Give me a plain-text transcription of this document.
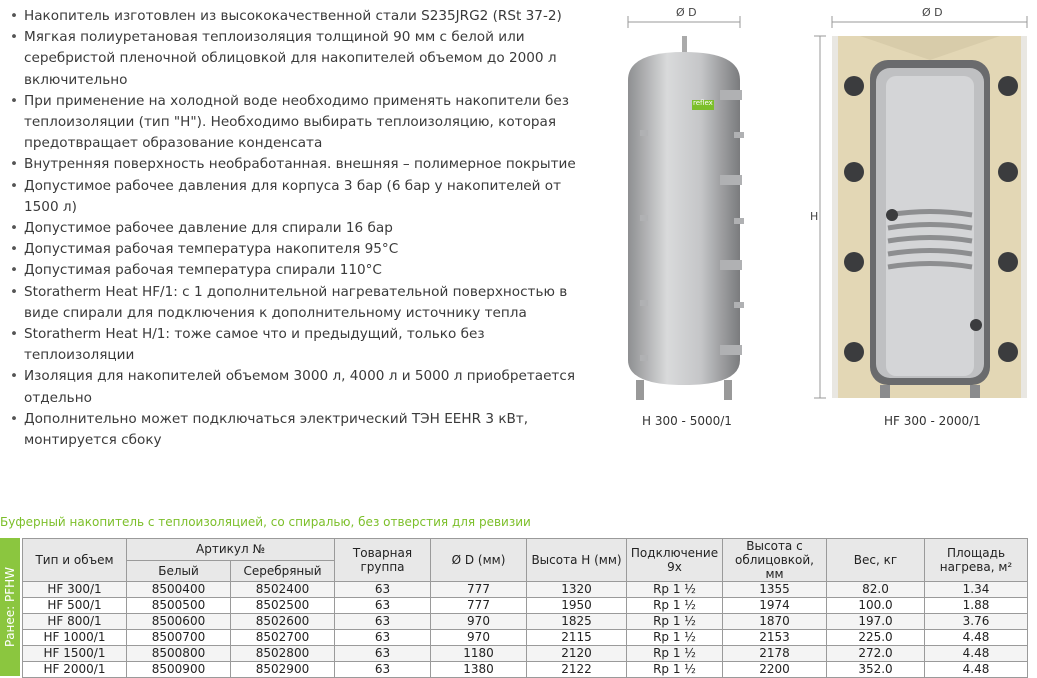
• Накопитель изготовлен из высококачественной стали S235JRG2 (RSt 37-2)
• Мягкая полиуретановая теплоизоляция толщиной 90 мм с белой или серебристой пленочной облицовкой для накопителей объемом до 2000 л включительно
• При применение на холодной воде необходимо применять накопители без теплоизоляции (тип "H"). Необходимо выбирать теплоизоляцию, которая предотвращает образование конденсата
• Внутренняя поверхность необработанная. внешняя – полимерное покрытие
• Допустимое рабочее давления для корпуса 3 бар (6 бар у накопителей от 1500 л)
• Допустимое рабочее давление для спирали 16 бар
• Допустимая рабочая температура накопителя 95°C
• Допустимая рабочая температура спирали 110°C
• Storatherm Heat HF/1: с 1 дополнительной нагревательной поверхностью в виде спирали для подключения к дополнительному источнику тепла
• Storatherm Heat H/1: тоже самое что и предыдущий, только без теплоизоляции
• Изоляция для накопителей объемом 3000 л, 4000 л и 5000 л приобретается отдельно
• Дополнительно может подключаться электрический ТЭН EEHR 3 кВт, монтируется сбоку
Ø D
reflex
H 300 - 5000/1
Ø D
H
HF 300 - 2000/1
Буферный накопитель с теплоизоляцией, со спиралью, без отверстия для ревизии
Ранее: PFHW
Тип и объем	Артикул №		Товарная группа	Ø D (мм)	Высота H (мм)	Подключение 9x	Высота с облицовкой, мм	Вес, кг	Площадь нагрева, м²
	Белый	Серебряный							
HF 300/1	8500400	8502400	63	777	1320	Rp 1 ½	1355	82.0	1.34
HF 500/1	8500500	8502500	63	777	1950	Rp 1 ½	1974	100.0	1.88
HF 800/1	8500600	8502600	63	970	1825	Rp 1 ½	1870	197.0	3.76
HF 1000/1	8500700	8502700	63	970	2115	Rp 1 ½	2153	225.0	4.48
HF 1500/1	8500800	8502800	63	1180	2120	Rp 1 ½	2178	272.0	4.48
HF 2000/1	8500900	8502900	63	1380	2122	Rp 1 ½	2200	352.0	4.48
